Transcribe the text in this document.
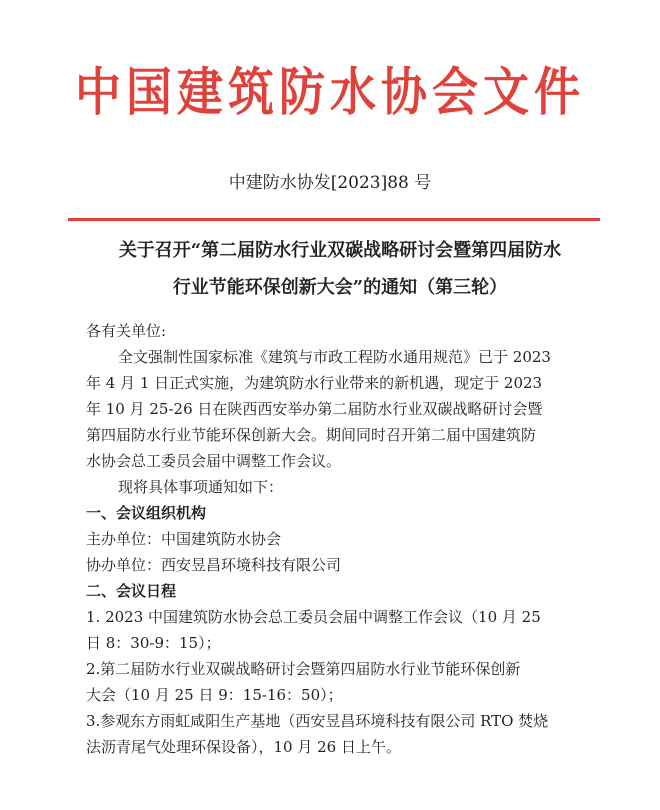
中国建筑防水协会文件
中建防水协发[2023]88 号
关于召开“第二届防水行业双碳战略研讨会暨第四届防水
行业节能环保创新大会”的通知（第三轮）

各有关单位:

全文强制性国家标准《建筑与市政工程防水通用规范》已于 2023

年 4 月 1 日正式实施，为建筑防水行业带来的新机遇，现定于 2023

年 10 月 25-26 日在陕西西安举办第二届防水行业双碳战略研讨会暨

第四届防水行业节能环保创新大会。期间同时召开第二届中国建筑防

水协会总工委员会届中调整工作会议。

现将具体事项通知如下：

一、会议组织机构

主办单位：中国建筑防水协会

协办单位：西安昱昌环境科技有限公司

二、会议日程

1. 2023 中国建筑防水协会总工委员会届中调整工作会议（10 月 25

日 8：30-9：15）；

2.第二届防水行业双碳战略研讨会暨第四届防水行业节能环保创新

大会（10 月 25 日 9：15-16：50）；

3.参观东方雨虹咸阳生产基地（西安昱昌环境科技有限公司 RTO 焚烧

法沥青尾气处理环保设备），10 月 26 日上午。
